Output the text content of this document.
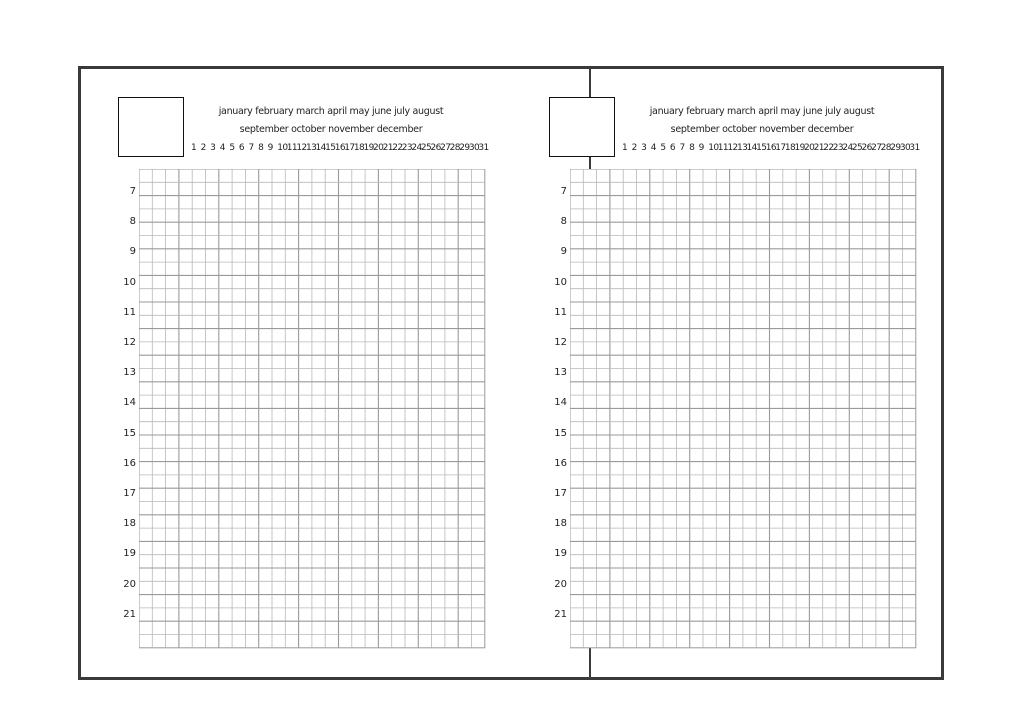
january february march april may june july august
september october november december
1 2 3 4 5 6 7 8 9 10 11 12 13 14 15 16 17 18 19 20 21 22 23 24 25 26 27 28 29 30 31
7
8
9
10
11
12
13
14
15
16
17
18
19
20
21
january february march april may june july august
september october november december
1 2 3 4 5 6 7 8 9 10 11 12 13 14 15 16 17 18 19 20 21 22 23 24 25 26 27 28 29 30 31
7
8
9
10
11
12
13
14
15
16
17
18
19
20
21
